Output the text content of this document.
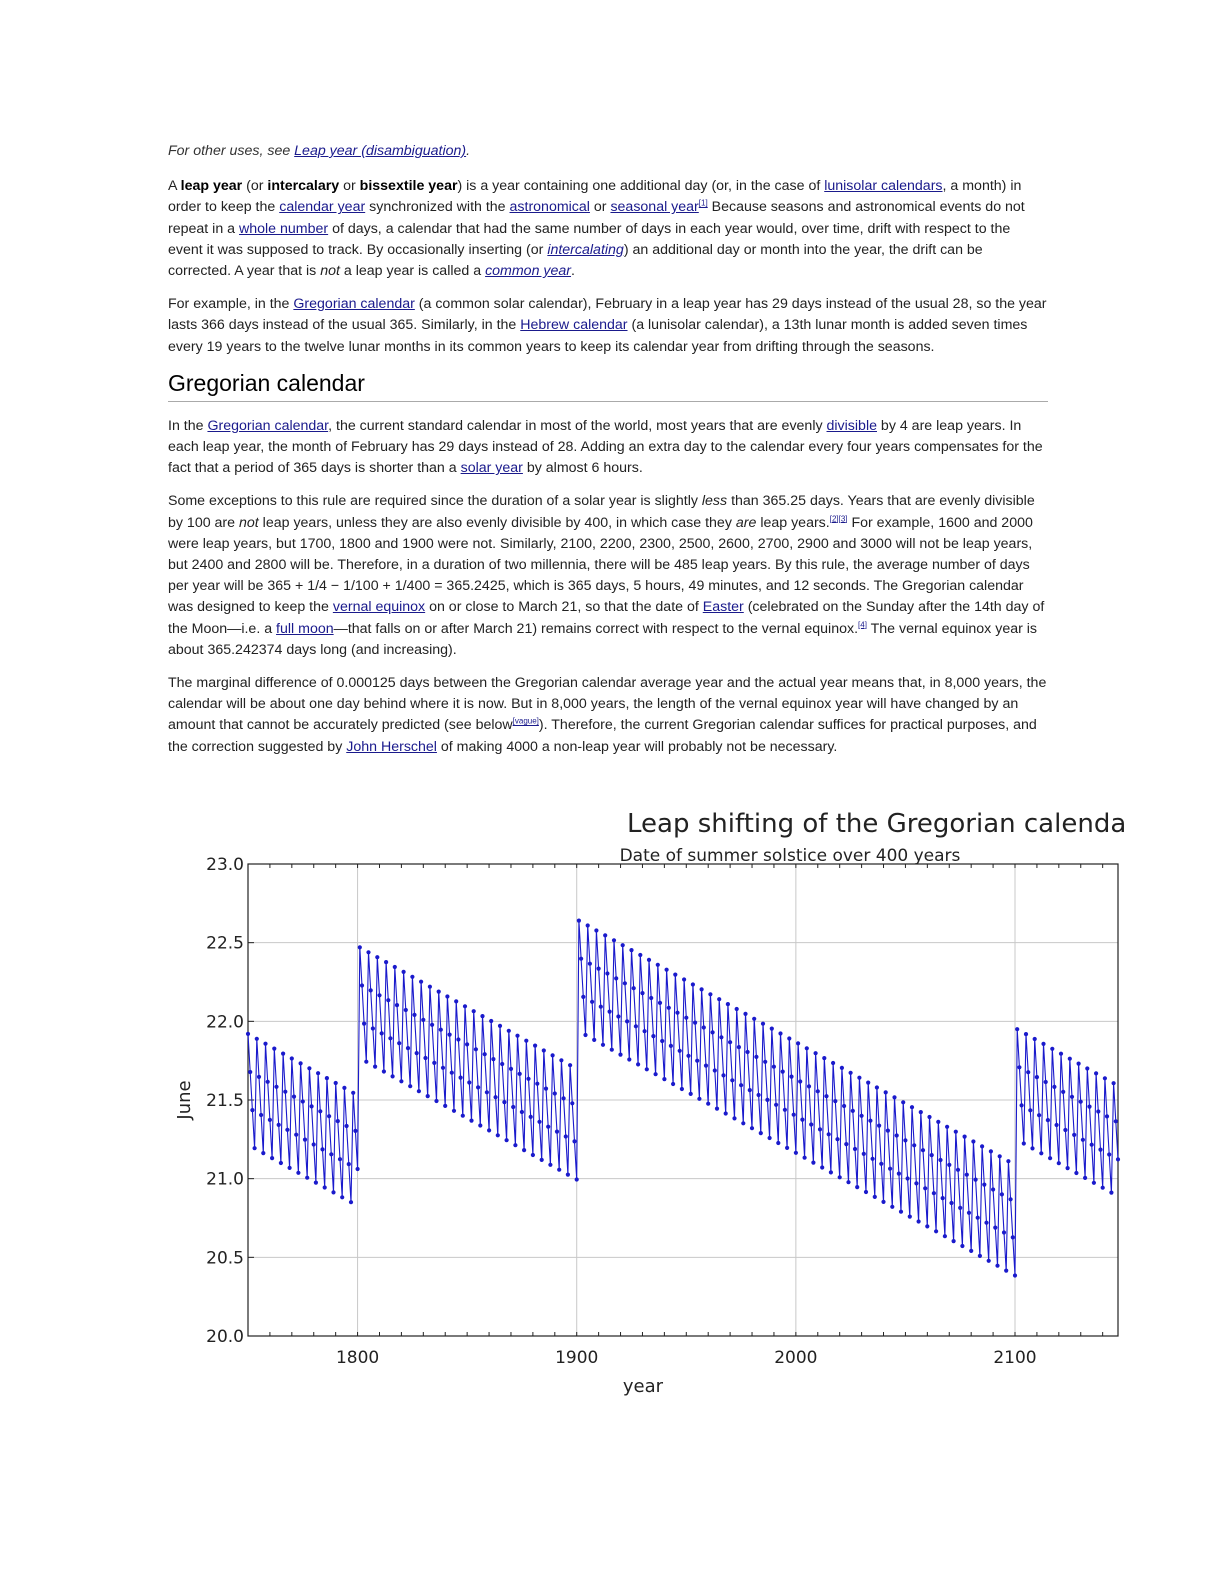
For other uses, see Leap year (disambiguation).

A leap year (or intercalary or bissextile year) is a year containing one additional day (or, in the case of lunisolar calendars, a month) in order to keep the calendar year synchronized with the astronomical or seasonal year[1] Because seasons and astronomical events do not repeat in a whole number of days, a calendar that had the same number of days in each year would, over time, drift with respect to the event it was supposed to track. By occasionally inserting (or intercalating) an additional day or month into the year, the drift can be corrected. A year that is not a leap year is called a common year.

For example, in the Gregorian calendar (a common solar calendar), February in a leap year has 29 days instead of the usual 28, so the year lasts 366 days instead of the usual 365. Similarly, in the Hebrew calendar (a lunisolar calendar), a 13th lunar month is added seven times every 19 years to the twelve lunar months in its common years to keep its calendar year from drifting through the seasons.

Gregorian calendar

In the Gregorian calendar, the current standard calendar in most of the world, most years that are evenly divisible by 4 are leap years. In each leap year, the month of February has 29 days instead of 28. Adding an extra day to the calendar every four years compensates for the fact that a period of 365 days is shorter than a solar year by almost 6 hours.

Some exceptions to this rule are required since the duration of a solar year is slightly less than 365.25 days. Years that are evenly divisible by 100 are not leap years, unless they are also evenly divisible by 400, in which case they are leap years.[2][3] For example, 1600 and 2000 were leap years, but 1700, 1800 and 1900 were not. Similarly, 2100, 2200, 2300, 2500, 2600, 2700, 2900 and 3000 will not be leap years, but 2400 and 2800 will be. Therefore, in a duration of two millennia, there will be 485 leap years. By this rule, the average number of days per year will be 365 + 1/4 − 1/100 + 1/400 = 365.2425, which is 365 days, 5 hours, 49 minutes, and 12 seconds. The Gregorian calendar was designed to keep the vernal equinox on or close to March 21, so that the date of Easter (celebrated on the Sunday after the 14th day of the Moon—i.e. a full moon—that falls on or after March 21) remains correct with respect to the vernal equinox.[4] The vernal equinox year is about 365.242374 days long (and increasing).

The marginal difference of 0.000125 days between the Gregorian calendar average year and the actual year means that, in 8,000 years, the calendar will be about one day behind where it is now. But in 8,000 years, the length of the vernal equinox year will have changed by an amount that cannot be accurately predicted (see below[vague]). Therefore, the current Gregorian calendar suffices for practical purposes, and the correction suggested by John Herschel of making 4000 a non-leap year will probably not be necessary.

Leap shifting of the Gregorian calendar
Date of summer solstice over 400 years
20.0
20.5
21.0
21.5
22.0
22.5
23.0
1800	1900	2000	2100
year
June
